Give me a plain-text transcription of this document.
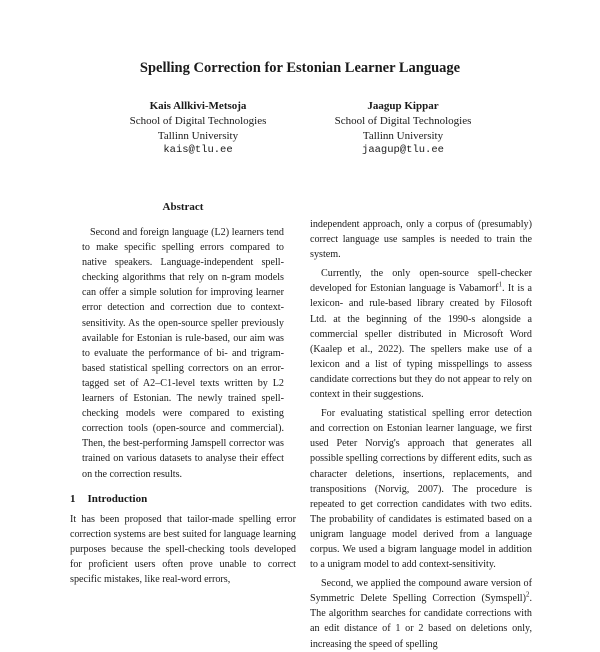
Spelling Correction for Estonian Learner Language
Kais Allkivi-Metsoja
School of Digital Technologies
Tallinn University
kais@tlu.ee
Jaagup Kippar
School of Digital Technologies
Tallinn University
jaagup@tlu.ee
Abstract

Second and foreign language (L2) learners tend to make specific spelling errors compared to native speakers. Language-independent spell-checking algorithms that rely on n-gram models can offer a simple solution for improving learner error detection and correction due to context-sensitivity. As the open-source speller previously available for Estonian is rule-based, our aim was to evaluate the performance of bi- and trigram-based statistical spelling correctors on an error-tagged set of A2–C1-level texts written by L2 learners of Estonian. The newly trained spell-checking models were compared to existing correction tools (open-source and commercial). Then, the best-performing Jamspell corrector was trained on various datasets to analyse their effect on the correction results.

1 Introduction

It has been proposed that tailor-made spelling error correction systems are best suited for language learning purposes because the spell-checking tools developed for proficient users often prove unable to correct specific mistakes, like real-word errors,

independent approach, only a corpus of (presumably) correct language use samples is needed to train the system.

Currently, the only open-source spell-checker developed for Estonian language is Vabamorf$^1$. It is a lexicon- and rule-based library created by Filosoft Ltd. at the beginning of the 1990-s alongside a commercial speller distributed in Microsoft Word (Kaalep et al., 2022). The spellers make use of a lexicon and a list of typing misspellings to assess candidate corrections but they do not appear to rely on context in their suggestions.

For evaluating statistical spelling error detection and correction on Estonian learner language, we first used Peter Norvig's approach that generates all possible spelling corrections by different edits, such as character deletions, insertions, replacements, and transpositions (Norvig, 2007). The procedure is repeated to get correction candidates with two edits. The probability of candidates is estimated based on a unigram language model derived from a language corpus. We used a bigram language model in addition to a unigram model to add context-sensitivity.

Second, we applied the compound aware version of Symmetric Delete Spelling Correction (Symspell)$^2$. The algorithm searches for candidate corrections with an edit distance of 1 or 2 based on deletions only, increasing the speed of spelling
